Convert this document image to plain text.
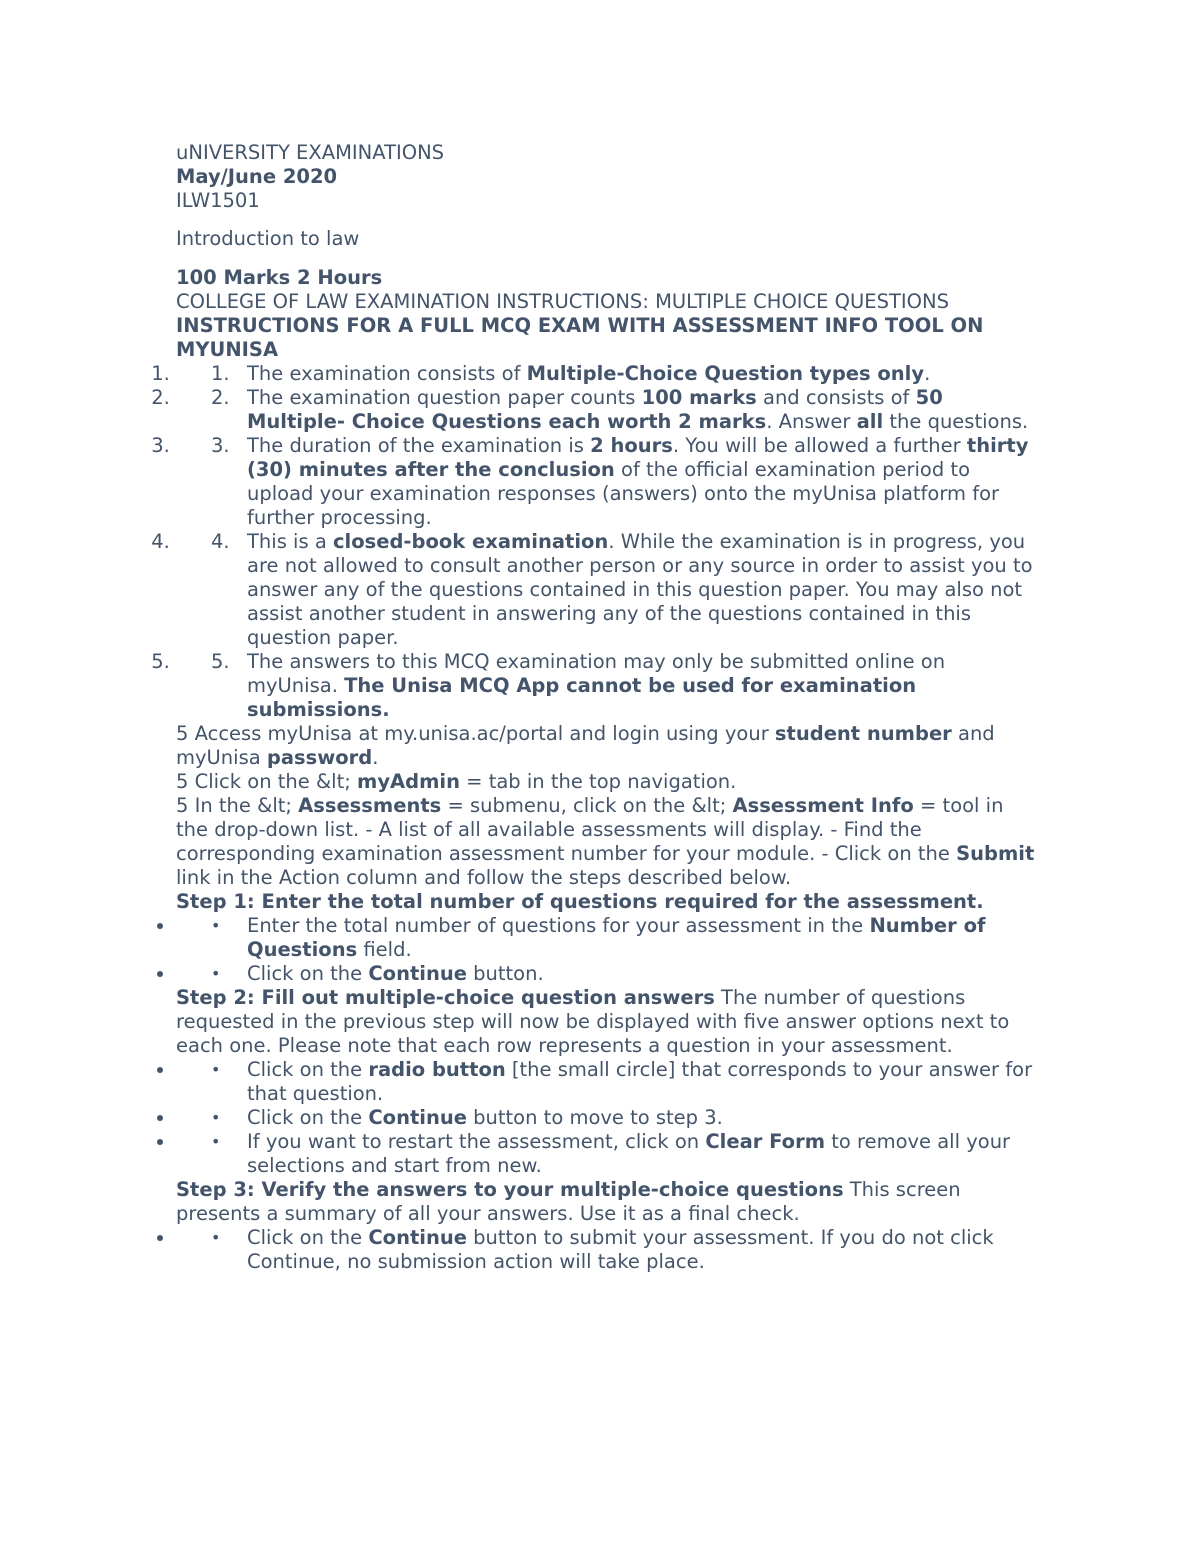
uNIVERSITY EXAMINATIONS

May/June 2020

ILW1501

Introduction to law

100 Marks 2 Hours

COLLEGE OF LAW EXAMINATION INSTRUCTIONS: MULTIPLE CHOICE QUESTIONS

INSTRUCTIONS FOR A FULL MCQ EXAM WITH ASSESSMENT INFO TOOL ON MYUNISA

1. 1. The examination consists of Multiple-Choice Question types only.
2. 2. The examination question paper counts 100 marks and consists of 50 Multiple- Choice Questions each worth 2 marks. Answer all the questions.
3. 3. The duration of the examination is 2 hours. You will be allowed a further thirty (30) minutes after the conclusion of the official examination period to upload your examination responses (answers) onto the myUnisa platform for further processing.
4. 4. This is a closed-book examination. While the examination is in progress, you are not allowed to consult another person or any source in order to assist you to answer any of the questions contained in this question paper. You may also not assist another student in answering any of the questions contained in this question paper.
5. 5. The answers to this MCQ examination may only be submitted online on myUnisa. The Unisa MCQ App cannot be used for examination submissions.

5 Access myUnisa at my.unisa.ac/portal and login using your student number and myUnisa password.

5 Click on the &lt; myAdmin = tab in the top navigation.

5 In the &lt; Assessments = submenu, click on the &lt; Assessment Info = tool in the drop-down list. - A list of all available assessments will display. - Find the corresponding examination assessment number for your module. - Click on the Submit link in the Action column and follow the steps described below.

Step 1: Enter the total number of questions required for the assessment.

• • Enter the total number of questions for your assessment in the Number of Questions field.
• • Click on the Continue button.

Step 2: Fill out multiple-choice question answers The number of questions requested in the previous step will now be displayed with five answer options next to each one. Please note that each row represents a question in your assessment.

• • Click on the radio button [the small circle] that corresponds to your answer for that question.
• • Click on the Continue button to move to step 3.
• • If you want to restart the assessment, click on Clear Form to remove all your selections and start from new.

Step 3: Verify the answers to your multiple-choice questions This screen presents a summary of all your answers. Use it as a final check.

• • Click on the Continue button to submit your assessment. If you do not click Continue, no submission action will take place.
